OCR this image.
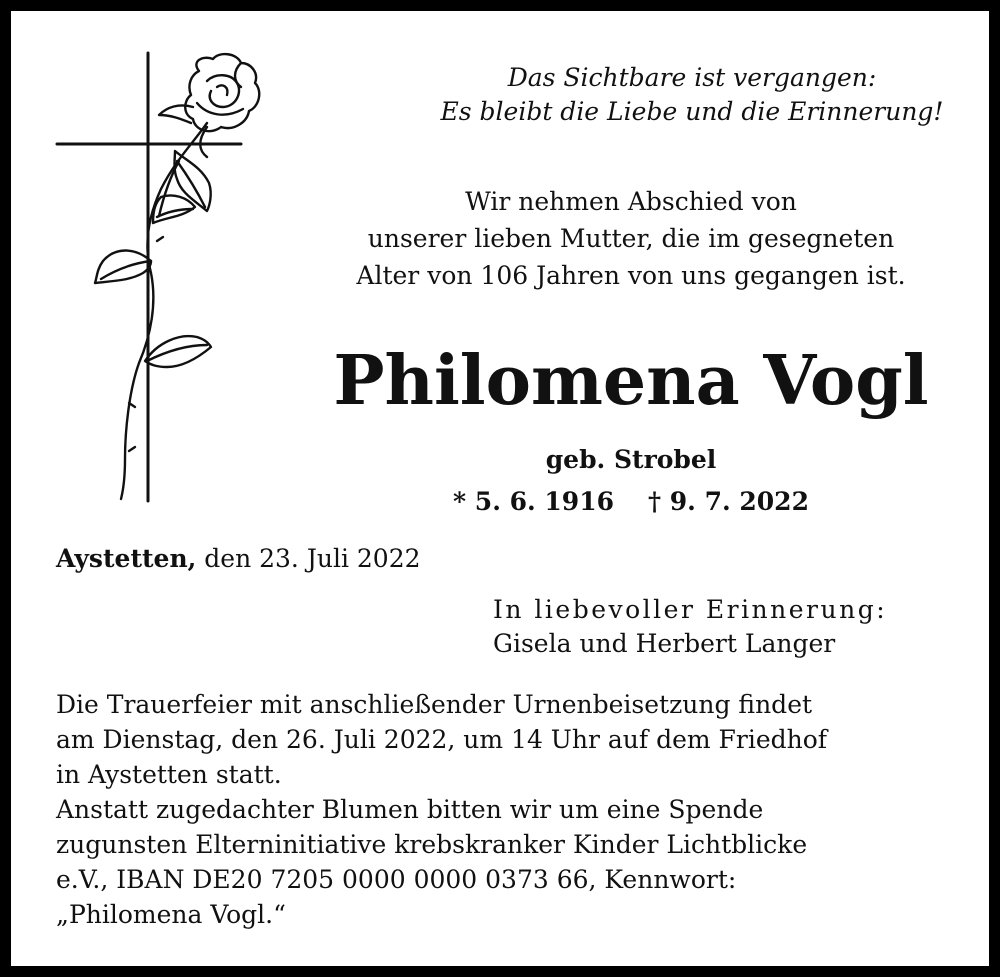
Das Sichtbare ist vergangen:
Es bleibt die Liebe und die Erinnerung!
Wir nehmen Abschied von
unserer lieben Mutter, die im gesegneten
Alter von 106 Jahren von uns gegangen ist.
Philomena Vogl
geb. Strobel
* 5. 6. 1916 † 9. 7. 2022
Aystetten, den 23. Juli 2022
In liebevoller Erinnerung:
Gisela und Herbert Langer
Die Trauerfeier mit anschließender Urnenbeisetzung findet
am Dienstag, den 26. Juli 2022, um 14 Uhr auf dem Friedhof
in Aystetten statt.
Anstatt zugedachter Blumen bitten wir um eine Spende
zugunsten Elterninitiative krebskranker Kinder Lichtblicke
e.V., IBAN DE20 7205 0000 0000 0373 66, Kennwort:
„Philomena Vogl.“
